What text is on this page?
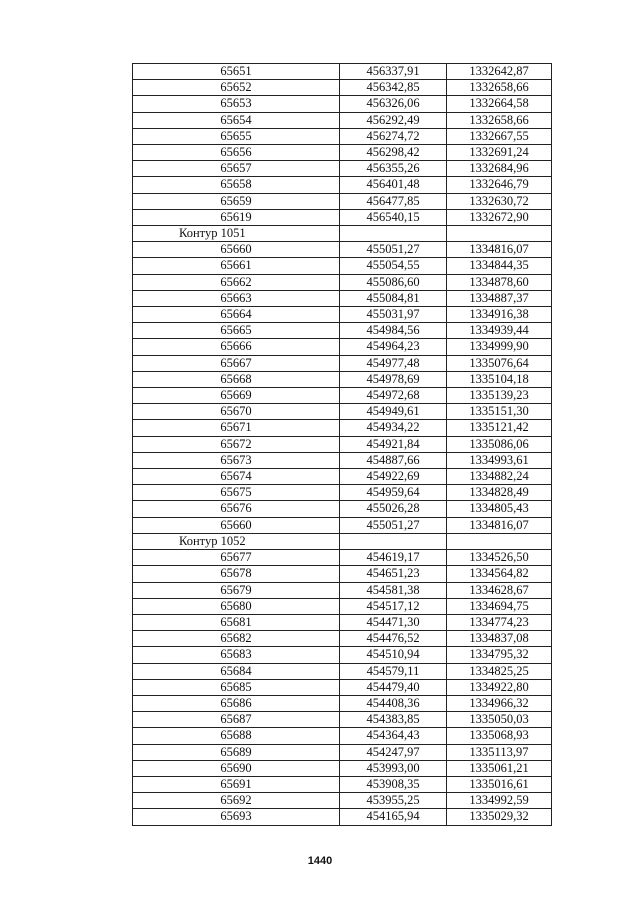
65651	456337,91	1332642,87
65652	456342,85	1332658,66
65653	456326,06	1332664,58
65654	456292,49	1332658,66
65655	456274,72	1332667,55
65656	456298,42	1332691,24
65657	456355,26	1332684,96
65658	456401,48	1332646,79
65659	456477,85	1332630,72
65619	456540,15	1332672,90
Контур 1051		
65660	455051,27	1334816,07
65661	455054,55	1334844,35
65662	455086,60	1334878,60
65663	455084,81	1334887,37
65664	455031,97	1334916,38
65665	454984,56	1334939,44
65666	454964,23	1334999,90
65667	454977,48	1335076,64
65668	454978,69	1335104,18
65669	454972,68	1335139,23
65670	454949,61	1335151,30
65671	454934,22	1335121,42
65672	454921,84	1335086,06
65673	454887,66	1334993,61
65674	454922,69	1334882,24
65675	454959,64	1334828,49
65676	455026,28	1334805,43
65660	455051,27	1334816,07
Контур 1052		
65677	454619,17	1334526,50
65678	454651,23	1334564,82
65679	454581,38	1334628,67
65680	454517,12	1334694,75
65681	454471,30	1334774,23
65682	454476,52	1334837,08
65683	454510,94	1334795,32
65684	454579,11	1334825,25
65685	454479,40	1334922,80
65686	454408,36	1334966,32
65687	454383,85	1335050,03
65688	454364,43	1335068,93
65689	454247,97	1335113,97
65690	453993,00	1335061,21
65691	453908,35	1335016,61
65692	453955,25	1334992,59
65693	454165,94	1335029,32
1440
